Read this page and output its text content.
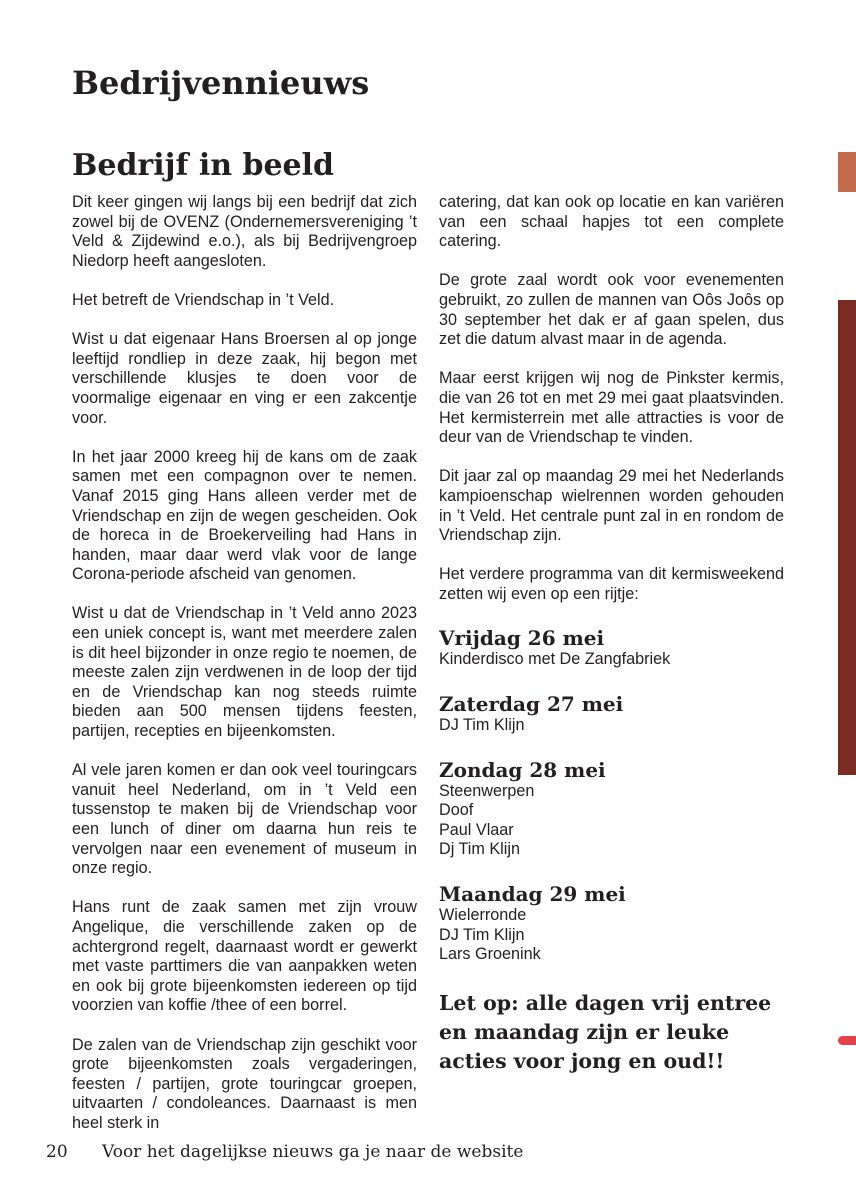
Bedrijvennieuws
Bedrijf in beeld

Dit keer gingen wij langs bij een bedrijf dat zich zowel bij de OVENZ (Ondernemersvereniging ’t Veld & Zijdewind e.o.), als bij Bedrijvengroep Niedorp heeft aangesloten.

Het betreft de Vriendschap in ’t Veld.

Wist u dat eigenaar Hans Broersen al op jonge leeftijd rondliep in deze zaak, hij begon met verschillende klusjes te doen voor de voormalige eigenaar en ving er een zakcentje voor.

In het jaar 2000 kreeg hij de kans om de zaak samen met een compagnon over te nemen. Vanaf 2015 ging Hans alleen verder met de Vriendschap en zijn de wegen gescheiden. Ook de horeca in de Broekerveiling had Hans in handen, maar daar werd vlak voor de lange Corona-periode afscheid van genomen.

Wist u dat de Vriendschap in ’t Veld anno 2023 een uniek concept is, want met meerdere zalen is dit heel bijzonder in onze regio te noemen, de meeste zalen zijn verdwenen in de loop der tijd en de Vriendschap kan nog steeds ruimte bieden aan 500 mensen tijdens feesten, partijen, recepties en bijeenkomsten.

Al vele jaren komen er dan ook veel touringcars vanuit heel Nederland, om in ’t Veld een tussenstop te maken bij de Vriendschap voor een lunch of diner om daarna hun reis te vervolgen naar een evenement of museum in onze regio.

Hans runt de zaak samen met zijn vrouw Angelique, die verschillende zaken op de achtergrond regelt, daarnaast wordt er gewerkt met vaste parttimers die van aanpakken weten en ook bij grote bijeenkomsten iedereen op tijd voorzien van koffie /thee of een borrel.

De zalen van de Vriendschap zijn geschikt voor grote bijeenkomsten zoals vergaderingen, feesten / partijen, grote touringcar groepen, uitvaarten / condoleances. Daarnaast is men heel sterk in

catering, dat kan ook op locatie en kan variëren van een schaal hapjes tot een complete catering.

De grote zaal wordt ook voor evenementen gebruikt, zo zullen de mannen van Oôs Joôs op 30 september het dak er af gaan spelen, dus zet die datum alvast maar in de agenda.

Maar eerst krijgen wij nog de Pinkster kermis, die van 26 tot en met 29 mei gaat plaatsvinden. Het kermisterrein met alle attracties is voor de deur van de Vriendschap te vinden.

Dit jaar zal op maandag 29 mei het Nederlands kampioenschap wielrennen worden gehouden in ’t Veld. Het centrale punt zal in en rondom de Vriendschap zijn.

Het verdere programma van dit kermisweekend zetten wij even op een rijtje:

Vrijdag 26 mei
Kinderdisco met De Zangfabriek
Zaterdag 27 mei
DJ Tim Klijn
Zondag 28 mei
Steenwerpen
Doof
Paul Vlaar
Dj Tim Klijn
Maandag 29 mei
Wielerronde
DJ Tim Klijn
Lars Groenink
Let op: alle dagen vrij entree en maandag zijn er leuke acties voor jong en oud!!
20 Voor het dagelijkse nieuws ga je naar de website
